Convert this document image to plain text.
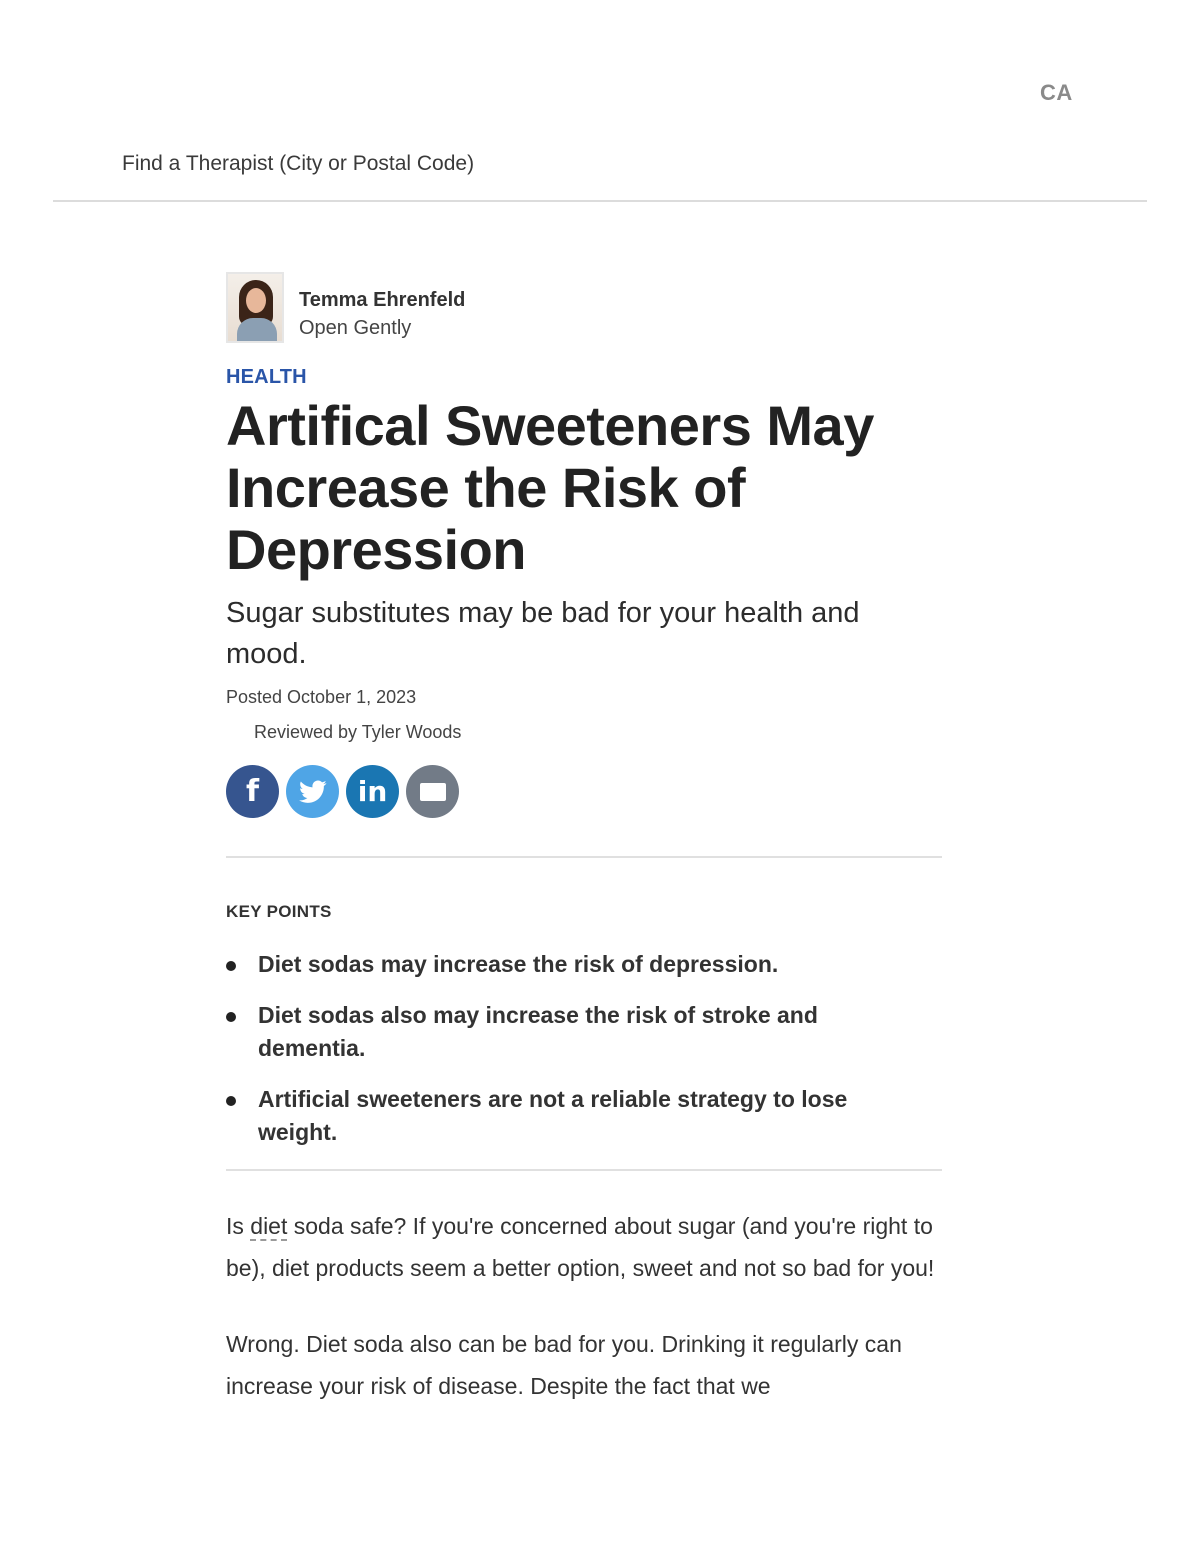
CA
Find a Therapist (City or Postal Code)
Temma Ehrenfeld
Open Gently
HEALTH
Artifical Sweeteners May Increase the Risk of Depression
Sugar substitutes may be bad for your health and mood.
Posted October 1, 2023
Reviewed by Tyler Woods
f	in
KEY POINTS
Diet sodas may increase the risk of depression.
Diet sodas also may increase the risk of stroke and dementia.
Artificial sweeteners are not a reliable strategy to lose weight.

Is diet soda safe? If you're concerned about sugar (and you're right to be), diet products seem a better option, sweet and not so bad for you!

Wrong. Diet soda also can be bad for you. Drinking it regularly can increase your risk of disease. Despite the fact that we
